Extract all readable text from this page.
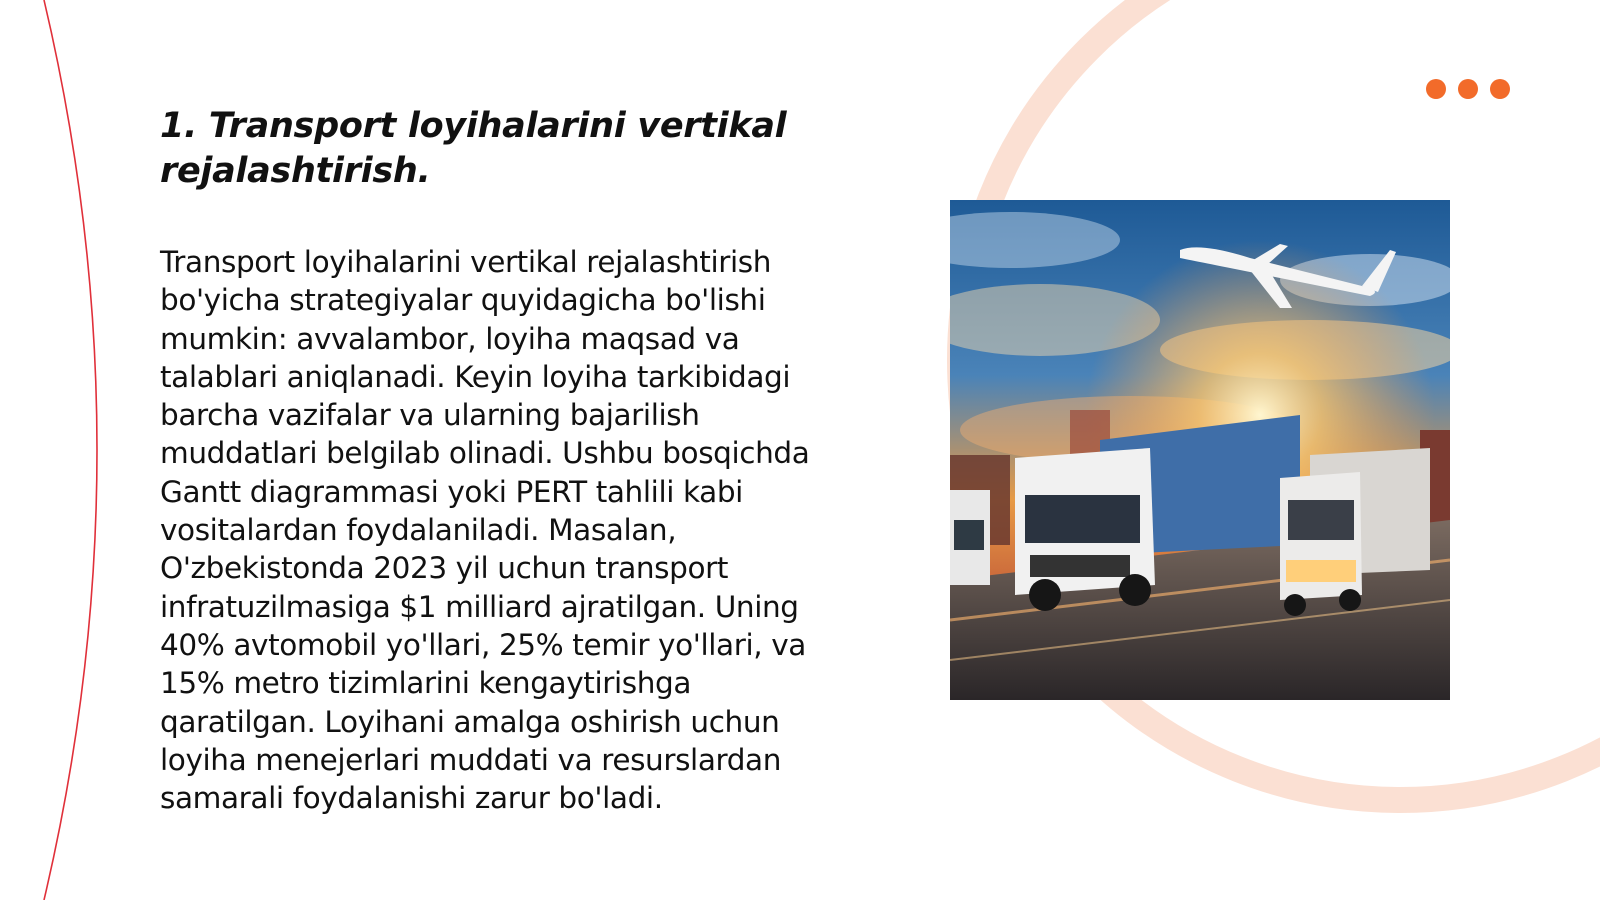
1. Transport loyihalarini vertikal rejalashtirish.

Transport loyihalarini vertikal rejalashtirish bo'yicha strategiyalar quyidagicha bo'lishi mumkin: avvalambor, loyiha maqsad va talablari aniqlanadi. Keyin loyiha tarkibidagi barcha vazifalar va ularning bajarilish muddatlari belgilab olinadi. Ushbu bosqichda Gantt diagrammasi yoki PERT tahlili kabi vositalardan foydalaniladi. Masalan, O'zbekistonda 2023 yil uchun transport infratuzilmasiga $1 milliard ajratilgan. Uning 40% avtomobil yo'llari, 25% temir yo'llari, va 15% metro tizimlarini kengaytirishga qaratilgan. Loyihani amalga oshirish uchun loyiha menejerlari muddati va resurslardan samarali foydalanishi zarur bo'ladi.
